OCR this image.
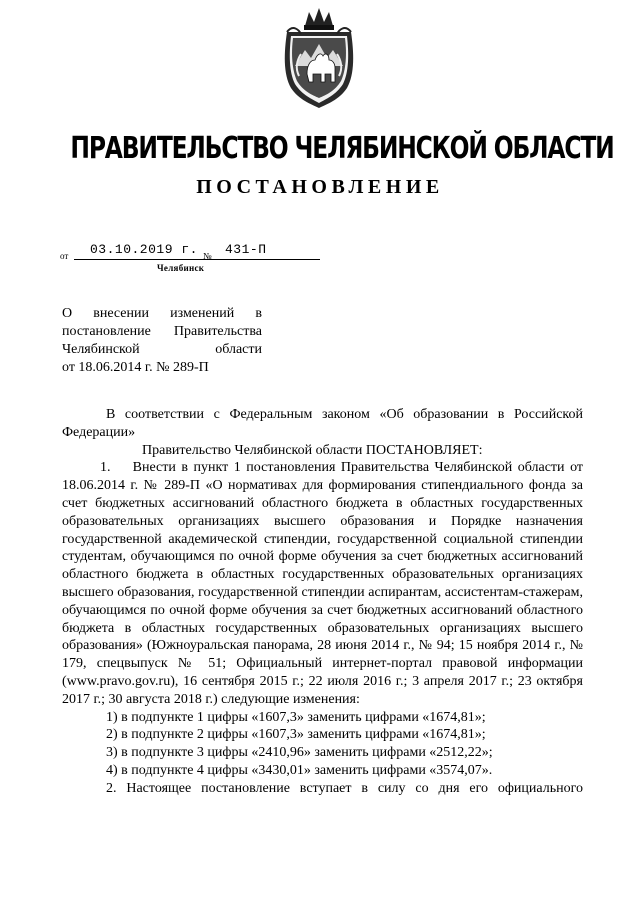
ПРАВИТЕЛЬСТВО ЧЕЛЯБИНСКОЙ ОБЛАСТИ
ПОСТАНОВЛЕНИЕ
от 03.10.2019 г. № 431-П
Челябинск
О внесении изменений в
постановление Правительства
Челябинской	области
от 18.06.2014 г. № 289-П

В соответствии с Федеральным законом «Об образовании в Российской Федерации»

Правительство Челябинской области ПОСТАНОВЛЯЕТ:

1.    Внести в пункт 1 постановления Правительства Челябинской области от 18.06.2014 г. № 289-П «О нормативах для формирования стипендиального фонда за счет бюджетных ассигнований областного бюджета в областных государственных образовательных организациях высшего образования и Порядке назначения государственной академической стипендии, государственной социальной стипендии студентам, обучающимся по очной форме обучения за счет бюджетных ассигнований областного бюджета в областных государственных образовательных организациях высшего образования, государственной стипендии аспирантам, ассистентам-стажерам, обучающимся по очной форме обучения за счет бюджетных ассигнований областного бюджета в областных государственных образовательных организациях высшего образования» (Южноуральская панорама, 28 июня 2014 г., № 94; 15 ноября 2014 г., № 179, спецвыпуск № 51; Официальный интернет-портал правовой информации (www.pravo.gov.ru), 16 сентября 2015 г.; 22 июля 2016 г.; 3 апреля 2017 г.; 23 октября 2017 г.; 30 августа 2018 г.) следующие изменения:

1) в подпункте 1 цифры «1607,3» заменить цифрами «1674,81»;

2) в подпункте 2 цифры «1607,3» заменить цифрами «1674,81»;

3) в подпункте 3 цифры «2410,96» заменить цифрами «2512,22»;

4) в подпункте 4 цифры «3430,01» заменить цифрами «3574,07».

2. Настоящее постановление вступает в силу со дня его официального
